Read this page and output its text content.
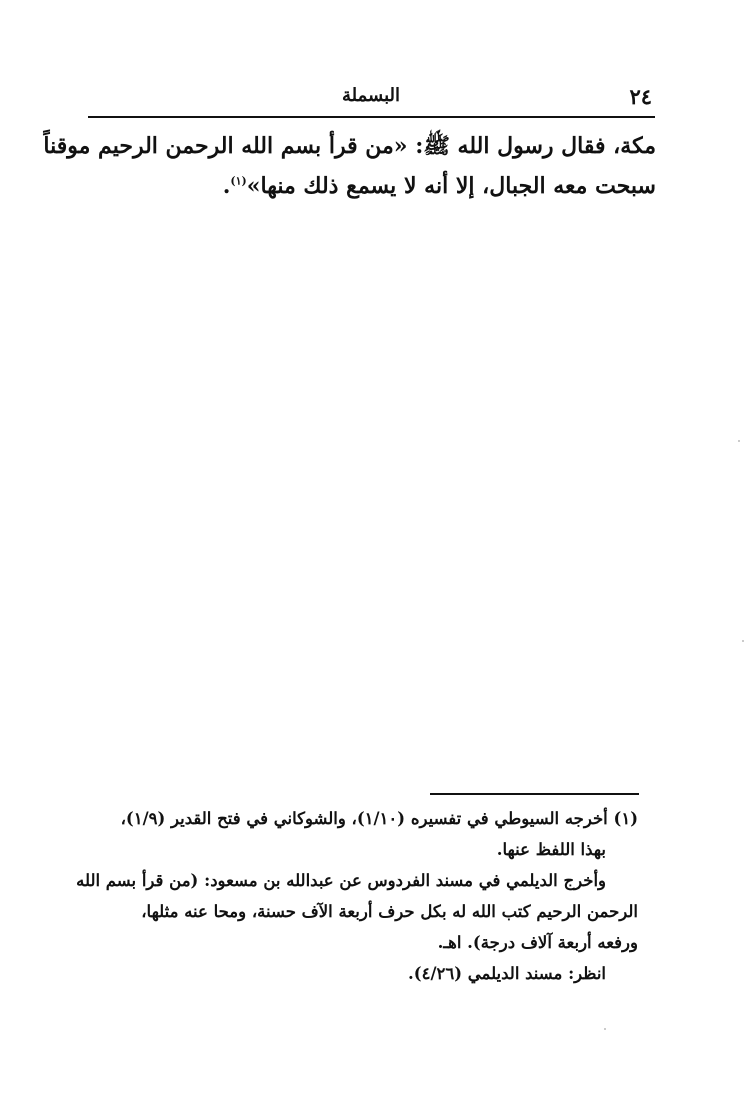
٢٤
البسملة
مكة، فقال رسول الله ﷺ: «من قرأ بسم الله الرحمن الرحيم موقناً
سبحت معه الجبال، إلا أنه لا يسمع ذلك منها»$^{(١)}$.
(١) أخرجه السيوطي في تفسيره (١/١٠)، والشوكاني في فتح القدير (١/٩)،
بهذا اللفظ عنها.
وأخرج الديلمي في مسند الفردوس عن عبدالله بن مسعود: (من قرأ بسم الله
الرحمن الرحيم كتب الله له بكل حرف أربعة الآف حسنة، ومحا عنه مثلها،
ورفعه أربعة آلاف درجة). اهـ.
انظر: مسند الديلمي (٤/٢٦).
